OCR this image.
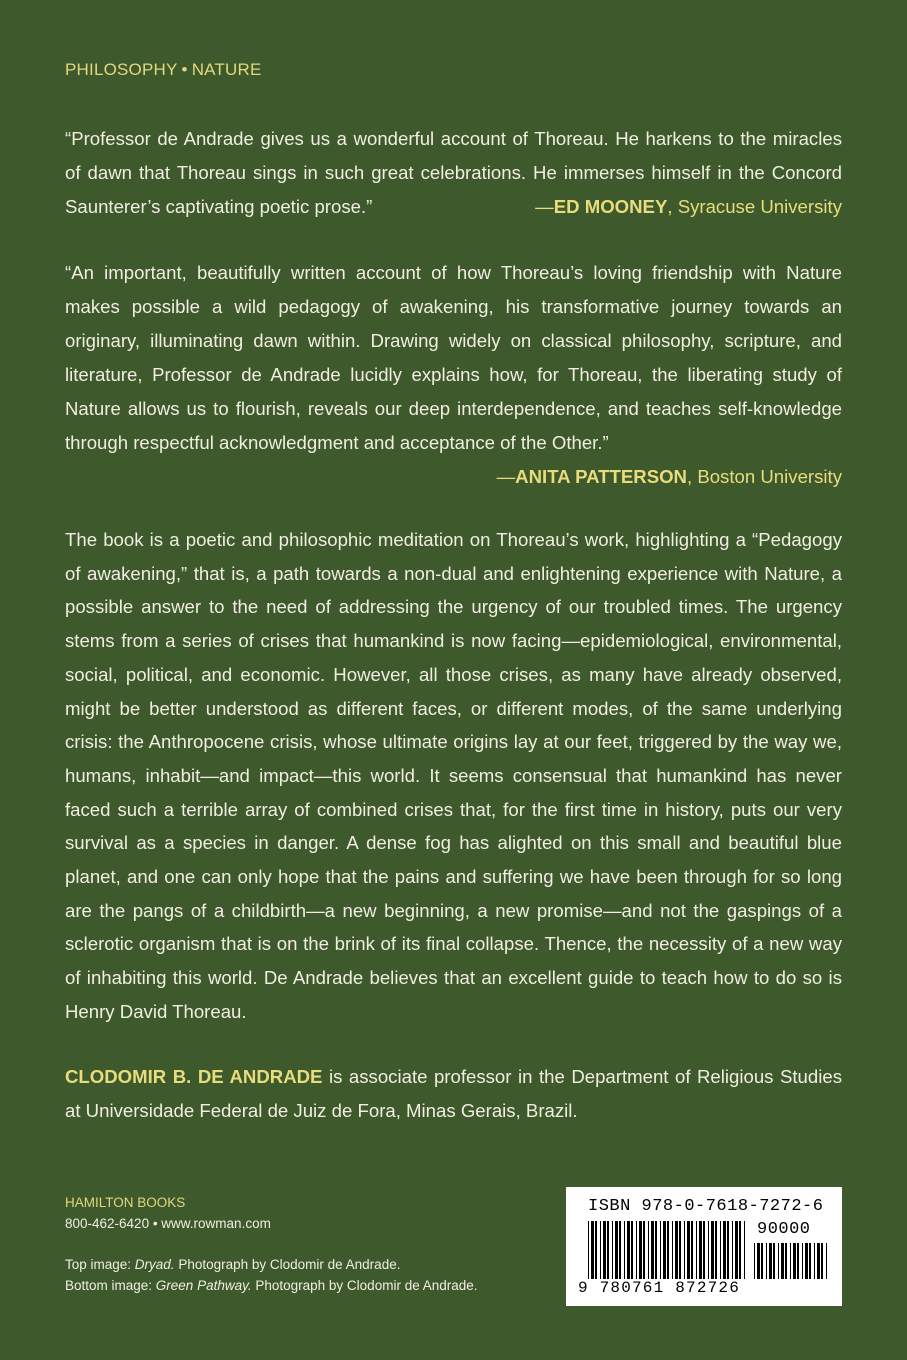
PHILOSOPHY • NATURE
“Professor de Andrade gives us a wonderful account of Thoreau. He harkens to the miracles of dawn that Thoreau sings in such great celebrations. He immerses himself in the Concord Saunterer’s captivating poetic prose.”	—ED MOONEY, Syracuse University
“An important, beautifully written account of how Thoreau’s loving friendship with Nature makes possible a wild pedagogy of awakening, his transformative journey towards an originary, illuminating dawn within. Drawing widely on classical philosophy, scripture, and literature, Professor de Andrade lucidly explains how, for Thoreau, the liberating study of Nature allows us to flourish, reveals our deep interdependence, and teaches self-knowledge through respectful acknowledgment and acceptance of the Other.”
—ANITA PATTERSON, Boston University
The book is a poetic and philosophic meditation on Thoreau’s work, highlighting a “Pedagogy of awakening,” that is, a path towards a non-dual and enlightening experience with Nature, a possible answer to the need of addressing the urgency of our troubled times. The urgency stems from a series of crises that humankind is now facing—epidemiological, environmental, social, political, and economic. However, all those crises, as many have already observed, might be better understood as different faces, or different modes, of the same underlying crisis: the Anthropocene crisis, whose ultimate origins lay at our feet, triggered by the way we, humans, inhabit—and impact—this world. It seems consensual that humankind has never faced such a terrible array of combined crises that, for the first time in history, puts our very survival as a species in danger. A dense fog has alighted on this small and beautiful blue planet, and one can only hope that the pains and suffering we have been through for so long are the pangs of a childbirth—a new beginning, a new promise—and not the gaspings of a sclerotic organism that is on the brink of its final collapse. Thence, the necessity of a new way of inhabiting this world. De Andrade believes that an excellent guide to teach how to do so is Henry David Thoreau.
CLODOMIR B. DE ANDRADE is associate professor in the Department of Religious Studies at Universidade Federal de Juiz de Fora, Minas Gerais, Brazil.
HAMILTON BOOKS
800-462-6420 • www.rowman.com
Top image: Dryad. Photograph by Clodomir de Andrade.
Bottom image: Green Pathway. Photograph by Clodomir de Andrade.
ISBN 978-0-7618-7272-6
90000
9 780761 872726
